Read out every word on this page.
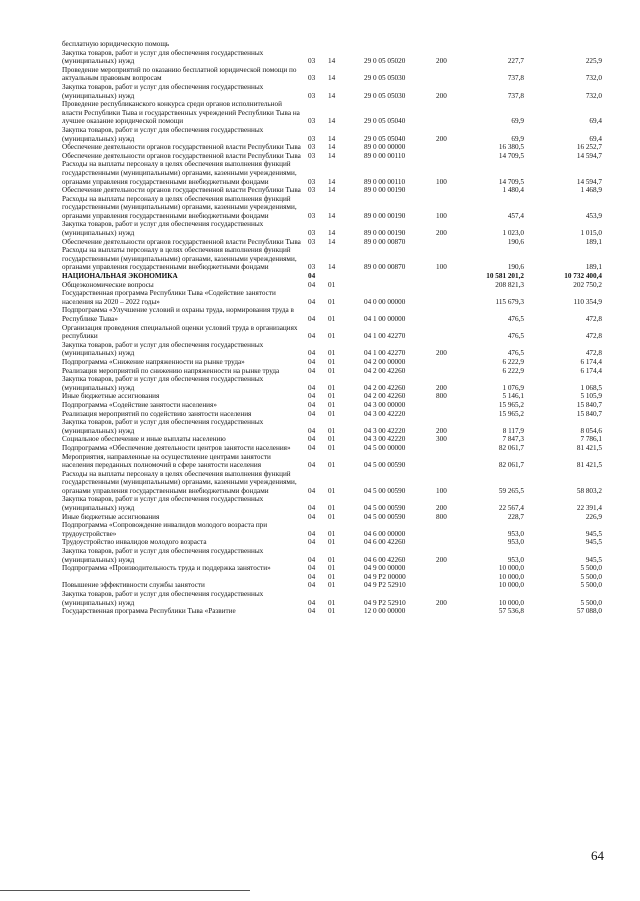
бесплатную юридическую помощь						
Закупка товаров, работ и услуг для обеспечения государственных (муниципальных) нужд	03	14	29 0 05 05020	200	227,7	225,9
Проведение мероприятий по оказанию бесплатной юридической помощи по актуальным правовым вопросам	03	14	29 0 05 05030		737,8	732,0
Закупка товаров, работ и услуг для обеспечения государственных (муниципальных) нужд	03	14	29 0 05 05030	200	737,8	732,0
Проведение республиканского конкурса среди органов исполнительной власти Республики Тыва и государственных учреждений Республики Тыва на лучшее оказание юридической помощи	03	14	29 0 05 05040		69,9	69,4
Закупка товаров, работ и услуг для обеспечения государственных (муниципальных) нужд	03	14	29 0 05 05040	200	69,9	69,4
Обеспечение деятельности органов государственной власти Республики Тыва	03	14	89 0 00 00000		16 380,5	16 252,7
Обеспечение деятельности органов государственной власти Республики Тыва	03	14	89 0 00 00110		14 709,5	14 594,7
Расходы на выплаты персоналу в целях обеспечения выполнения функций государственными (муниципальными) органами, казенными учреждениями, органами управления государственными внебюджетными фондами	03	14	89 0 00 00110	100	14 709,5	14 594,7
Обеспечение деятельности органов государственной власти Республики Тыва	03	14	89 0 00 00190		1 480,4	1 468,9
Расходы на выплаты персоналу в целях обеспечения выполнения функций государственными (муниципальными) органами, казенными учреждениями, органами управления государственными внебюджетными фондами	03	14	89 0 00 00190	100	457,4	453,9
Закупка товаров, работ и услуг для обеспечения государственных (муниципальных) нужд	03	14	89 0 00 00190	200	1 023,0	1 015,0
Обеспечение деятельности органов государственной власти Республики Тыва	03	14	89 0 00 00870		190,6	189,1
Расходы на выплаты персоналу в целях обеспечения выполнения функций государственными (муниципальными) органами, казенными учреждениями, органами управления государственными внебюджетными фондами	03	14	89 0 00 00870	100	190,6	189,1
НАЦИОНАЛЬНАЯ ЭКОНОМИКА	04				10 581 201,2	10 732 400,4
Общеэкономические вопросы	04	01			208 821,3	202 750,2
Государственная программа Республики Тыва «Содействие занятости населения на 2020 – 2022 годы»	04	01	04 0 00 00000		115 679,3	110 354,9
Подпрограмма «Улучшение условий и охраны труда, нормирования труда в Республике Тыва»	04	01	04 1 00 00000		476,5	472,8
Организация проведения специальной оценки условий труда в организациях республики	04	01	04 1 00 42270		476,5	472,8
Закупка товаров, работ и услуг для обеспечения государственных (муниципальных) нужд	04	01	04 1 00 42270	200	476,5	472,8
Подпрограмма «Снижение напряженности на рынке труда»	04	01	04 2 00 00000		6 222,9	6 174,4
Реализация мероприятий по снижению напряженности на рынке труда	04	01	04 2 00 42260		6 222,9	6 174,4
Закупка товаров, работ и услуг для обеспечения государственных (муниципальных) нужд	04	01	04 2 00 42260	200	1 076,9	1 068,5
Иные бюджетные ассигнования	04	01	04 2 00 42260	800	5 146,1	5 105,9
Подпрограмма «Содействие занятости населения»	04	01	04 3 00 00000		15 965,2	15 840,7
Реализация мероприятий по содействию занятости населения	04	01	04 3 00 42220		15 965,2	15 840,7
Закупка товаров, работ и услуг для обеспечения государственных (муниципальных) нужд	04	01	04 3 00 42220	200	8 117,9	8 054,6
Социальное обеспечение и иные выплаты населению	04	01	04 3 00 42220	300	7 847,3	7 786,1
Подпрограмма «Обеспечение деятельности центров занятости населения»	04	01	04 5 00 00000		82 061,7	81 421,5
Мероприятия, направленные на осуществление центрами занятости населения переданных полномочий в сфере занятости населения	04	01	04 5 00 00590		82 061,7	81 421,5
Расходы на выплаты персоналу в целях обеспечения выполнения функций государственными (муниципальными) органами, казенными учреждениями, органами управления государственными внебюджетными фондами	04	01	04 5 00 00590	100	59 265,5	58 803,2
Закупка товаров, работ и услуг для обеспечения государственных (муниципальных) нужд	04	01	04 5 00 00590	200	22 567,4	22 391,4
Иные бюджетные ассигнования	04	01	04 5 00 00590	800	228,7	226,9
Подпрограмма «Сопровождение инвалидов молодого возраста при трудоустройстве»	04	01	04 6 00 00000		953,0	945,5
Трудоустройство инвалидов молодого возраста	04	01	04 6 00 42260		953,0	945,5
Закупка товаров, работ и услуг для обеспечения государственных (муниципальных) нужд	04	01	04 6 00 42260	200	953,0	945,5
Подпрограмма «Производительность труда и поддержка занятости»	04	01	04 9 00 00000		10 000,0	5 500,0
	04	01	04 9 P2 00000		10 000,0	5 500,0
Повышение эффективности службы занятости	04	01	04 9 P2 52910		10 000,0	5 500,0
Закупка товаров, работ и услуг для обеспечения государственных (муниципальных) нужд	04	01	04 9 P2 52910	200	10 000,0	5 500,0
Государственная программа Республики Тыва «Развитие	04	01	12 0 00 00000		57 536,8	57 088,0
64
